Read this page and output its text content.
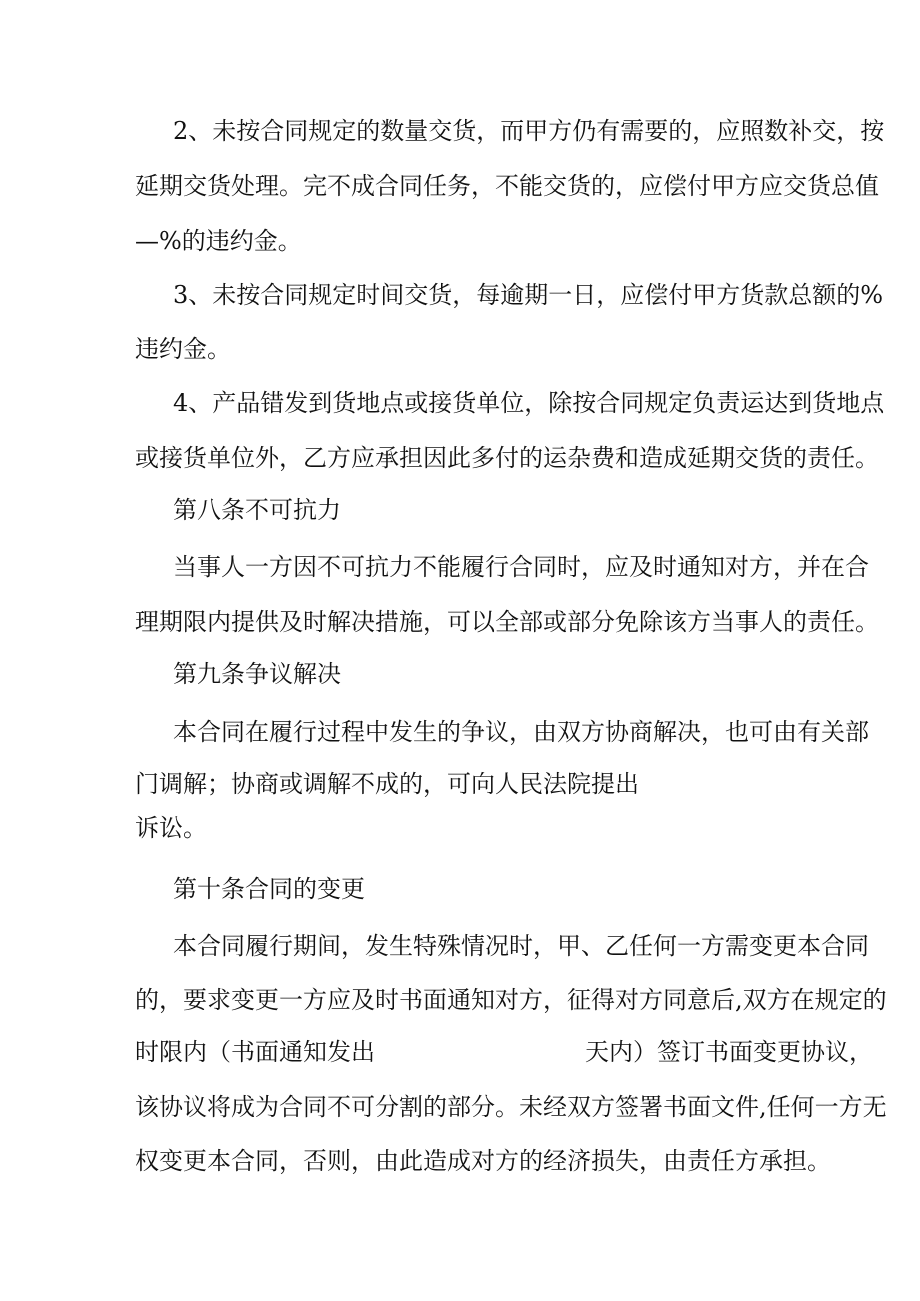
2、未按合同规定的数量交货，而甲方仍有需要的，应照数补交，按
延期交货处理。完不成合同任务，不能交货的，应偿付甲方应交货总值
—%的违约金。
3、未按合同规定时间交货，每逾期一日，应偿付甲方货款总额的%
违约金。
4、产品错发到货地点或接货单位，除按合同规定负责运达到货地点
或接货单位外，乙方应承担因此多付的运杂费和造成延期交货的责任。
第八条不可抗力
当事人一方因不可抗力不能履行合同时，应及时通知对方，并在合
理期限内提供及时解决措施，可以全部或部分免除该方当事人的责任。
第九条争议解决
本合同在履行过程中发生的争议，由双方协商解决，也可由有关部
门调解；协商或调解不成的，可向人民法院提出
诉讼。
第十条合同的变更
本合同履行期间，发生特殊情况时，甲、乙任何一方需变更本合同
的，要求变更一方应及时书面通知对方，征得对方同意后,双方在规定的
时限内（书面通知发出	天内）签订书面变更协议，
该协议将成为合同不可分割的部分。未经双方签署书面文件,任何一方无
权变更本合同，否则，由此造成对方的经济损失，由责任方承担。
